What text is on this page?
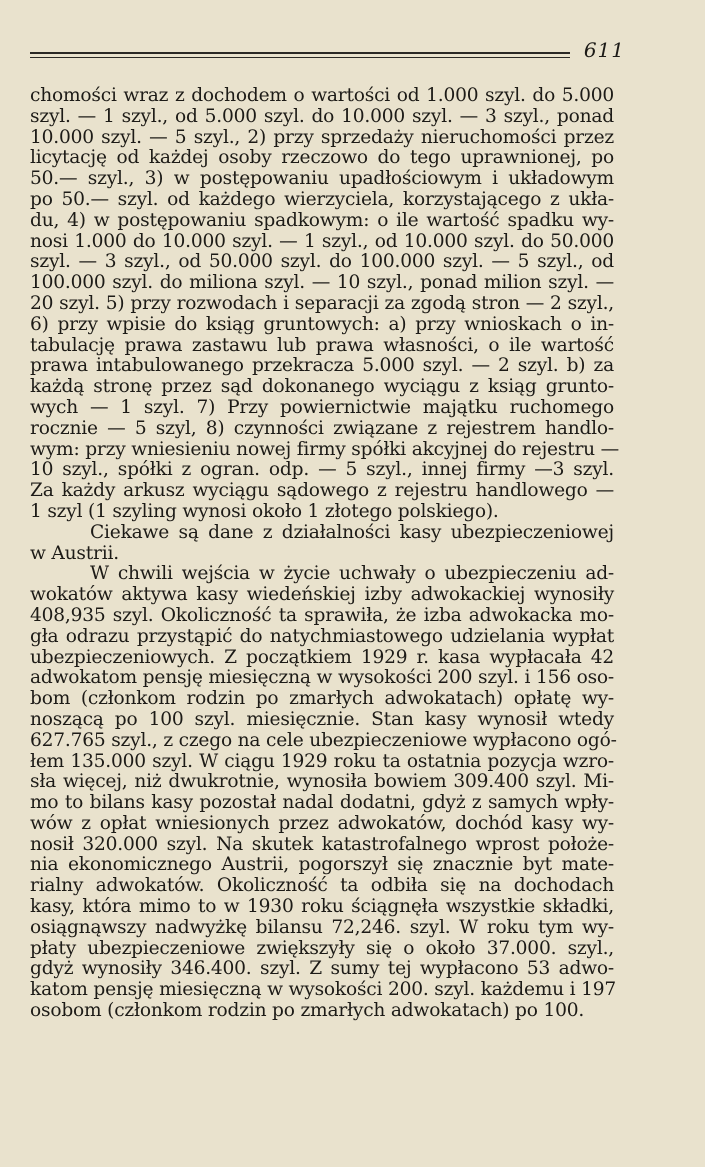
611
chomości wraz z dochodem o wartości od 1.000 szyl. do 5.000
szyl. — 1 szyl., od 5.000 szyl. do 10.000 szyl. — 3 szyl., ponad
10.000 szyl. — 5 szyl., 2) przy sprzedaży nieruchomości przez
licytację od każdej osoby rzeczowo do tego uprawnionej, po
50.— szyl., 3) w postępowaniu upadłościowym i układowym
po 50.— szyl. od każdego wierzyciela, korzystającego z ukła-
du, 4) w postępowaniu spadkowym: o ile wartość spadku wy-
nosi 1.000 do 10.000 szyl. — 1 szyl., od 10.000 szyl. do 50.000
szyl. — 3 szyl., od 50.000 szyl. do 100.000 szyl. — 5 szyl., od
100.000 szyl. do miliona szyl. — 10 szyl., ponad milion szyl. —
20 szyl. 5) przy rozwodach i separacji za zgodą stron — 2 szyl.,
6) przy wpisie do ksiąg gruntowych: a) przy wnioskach o in-
tabulację prawa zastawu lub prawa własności, o ile wartość
prawa intabulowanego przekracza 5.000 szyl. — 2 szyl. b) za
każdą stronę przez sąd dokonanego wyciągu z ksiąg grunto-
wych — 1 szyl. 7) Przy powiernictwie majątku ruchomego
rocznie — 5 szyl, 8) czynności związane z rejestrem handlo-
wym: przy wniesieniu nowej firmy spółki akcyjnej do rejestru —
10 szyl., spółki z ogran. odp. — 5 szyl., innej firmy —3 szyl.
Za każdy arkusz wyciągu sądowego z rejestru handlowego —
1 szyl (1 szyling wynosi około 1 złotego polskiego).
Ciekawe są dane z działalności kasy ubezpieczeniowej
w Austrii.
W chwili wejścia w życie uchwały o ubezpieczeniu ad-
wokatów aktywa kasy wiedeńskiej izby adwokackiej wynosiły
408,935 szyl. Okoliczność ta sprawiła, że izba adwokacka mo-
gła odrazu przystąpić do natychmiastowego udzielania wypłat
ubezpieczeniowych. Z początkiem 1929 r. kasa wypłacała 42
adwokatom pensję miesięczną w wysokości 200 szyl. i 156 oso-
bom (członkom rodzin po zmarłych adwokatach) opłatę wy-
noszącą po 100 szyl. miesięcznie. Stan kasy wynosił wtedy
627.765 szyl., z czego na cele ubezpieczeniowe wypłacono ogó-
łem 135.000 szyl. W ciągu 1929 roku ta ostatnia pozycja wzro-
sła więcej, niż dwukrotnie, wynosiła bowiem 309.400 szyl. Mi-
mo to bilans kasy pozostał nadal dodatni, gdyż z samych wpły-
wów z opłat wniesionych przez adwokatów, dochód kasy wy-
nosił 320.000 szyl. Na skutek katastrofalnego wprost położe-
nia ekonomicznego Austrii, pogorszył się znacznie byt mate-
rialny adwokatów. Okoliczność ta odbiła się na dochodach
kasy, która mimo to w 1930 roku ściągnęła wszystkie składki,
osiągnąwszy nadwyżkę bilansu 72,246. szyl. W roku tym wy-
płaty ubezpieczeniowe zwiększyły się o około 37.000. szyl.,
gdyż wynosiły 346.400. szyl. Z sumy tej wypłacono 53 adwo-
katom pensję miesięczną w wysokości 200. szyl. każdemu i 197
osobom (członkom rodzin po zmarłych adwokatach) po 100.
